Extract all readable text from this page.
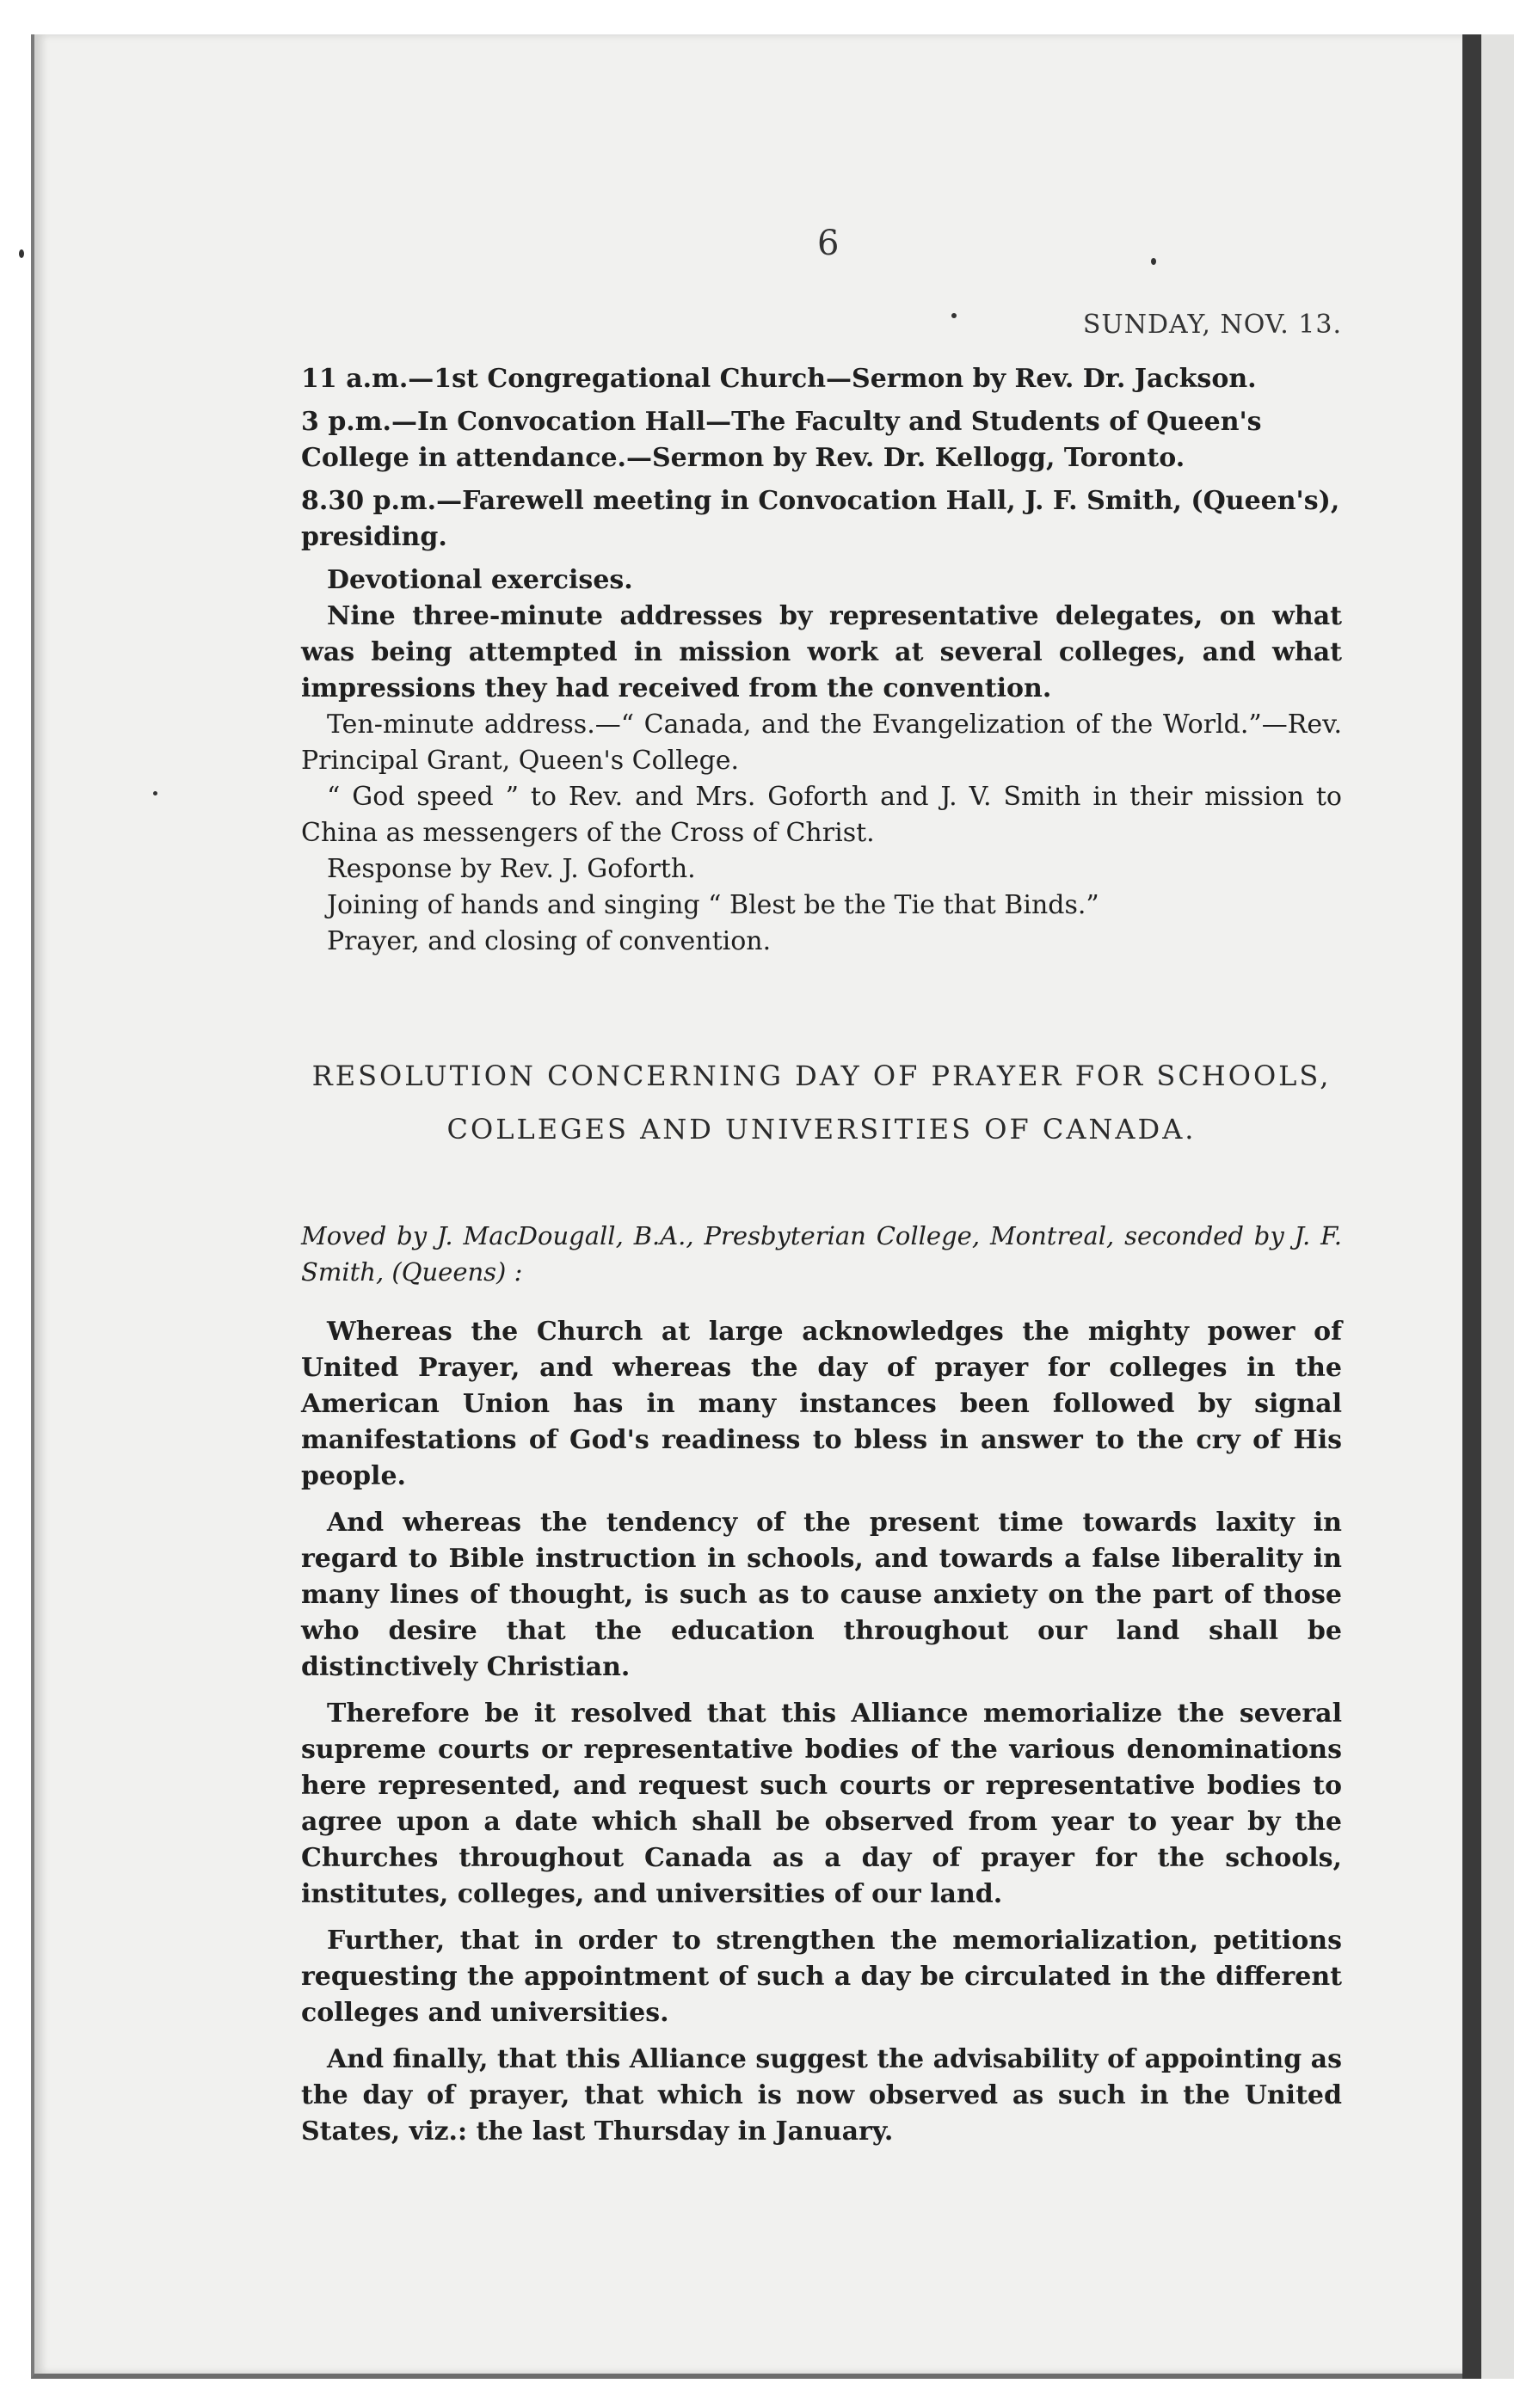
6
SUNDAY, NOV. 13.
11 a.m.—1st Congregational Church—Sermon by Rev. Dr. Jackson.
3 p.m.—In Convocation Hall—The Faculty and Students of Queen's College in attendance.—Sermon by Rev. Dr. Kellogg, Toronto.
8.30 p.m.—Farewell meeting in Convocation Hall, J. F. Smith, (Queen's), presiding.
Devotional exercises.
Nine three-minute addresses by representative delegates, on what was being attempted in mission work at several colleges, and what impressions they had received from the convention.
Ten-minute address.—“ Canada, and the Evangelization of the World.”—Rev. Principal Grant, Queen's College.
“ God speed ” to Rev. and Mrs. Goforth and J. V. Smith in their mission to China as messengers of the Cross of Christ.
Response by Rev. J. Goforth.
Joining of hands and singing “ Blest be the Tie that Binds.”
Prayer, and closing of convention.
RESOLUTION CONCERNING DAY OF PRAYER FOR SCHOOLS,
COLLEGES AND UNIVERSITIES OF CANADA.
Moved by J. MacDougall, B.A., Presbyterian College, Montreal, seconded by J. F. Smith, (Queens) :
Whereas the Church at large acknowledges the mighty power of United Prayer, and whereas the day of prayer for colleges in the American Union has in many instances been followed by signal manifestations of God's readiness to bless in answer to the cry of His people.
And whereas the tendency of the present time towards laxity in regard to Bible instruction in schools, and towards a false liberality in many lines of thought, is such as to cause anxiety on the part of those who desire that the education throughout our land shall be distinctively Christian.
Therefore be it resolved that this Alliance memorialize the several supreme courts or representative bodies of the various denominations here represented, and request such courts or representative bodies to agree upon a date which shall be observed from year to year by the Churches throughout Canada as a day of prayer for the schools, institutes, colleges, and universities of our land.
Further, that in order to strengthen the memorialization, petitions requesting the appointment of such a day be circulated in the different colleges and universities.
And finally, that this Alliance suggest the advisability of appointing as the day of prayer, that which is now observed as such in the United States, viz.: the last Thursday in January.
